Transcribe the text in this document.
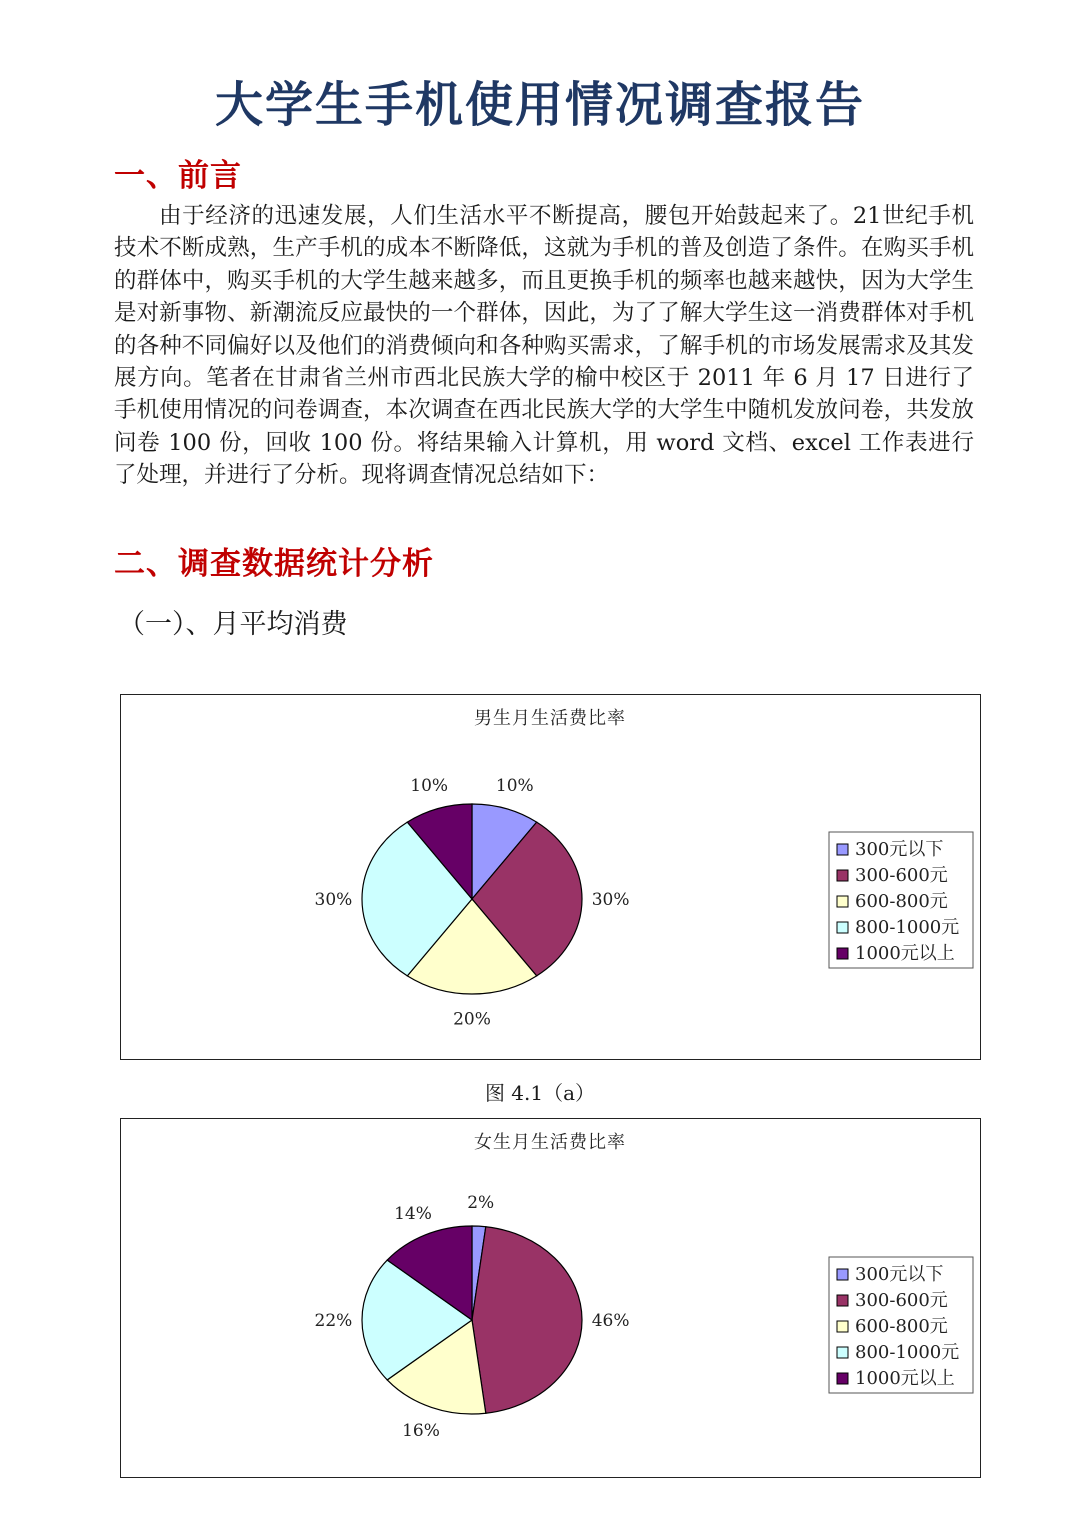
大学生手机使用情况调查报告
一、前言

由于经济的迅速发展，人们生活水平不断提高，腰包开始鼓起来了。21世纪手机技术不断成熟，生产手机的成本不断降低，这就为手机的普及创造了条件。在购买手机的群体中，购买手机的大学生越来越多，而且更换手机的频率也越来越快，因为大学生是对新事物、新潮流反应最快的一个群体，因此，为了了解大学生这一消费群体对手机的各种不同偏好以及他们的消费倾向和各种购买需求，了解手机的市场发展需求及其发展方向。笔者在甘肃省兰州市西北民族大学的榆中校区于 2011 年 6 月 17 日进行了手机使用情况的问卷调查，本次调查在西北民族大学的大学生中随机发放问卷，共发放问卷 100 份，回收 100 份。将结果输入计算机，用 word 文档、excel 工作表进行了处理，并进行了分析。现将调查情况总结如下：

二、调查数据统计分析
（一）、月平均消费
男生月生活费比率
10%
30%
20%
30%
10%
300元以下
300-600元
600-800元
800-1000元
1000元以上
图 4.1（a）
女生月生活费比率
2%
46%
16%
22%
14%
300元以下
300-600元
600-800元
800-1000元
1000元以上
